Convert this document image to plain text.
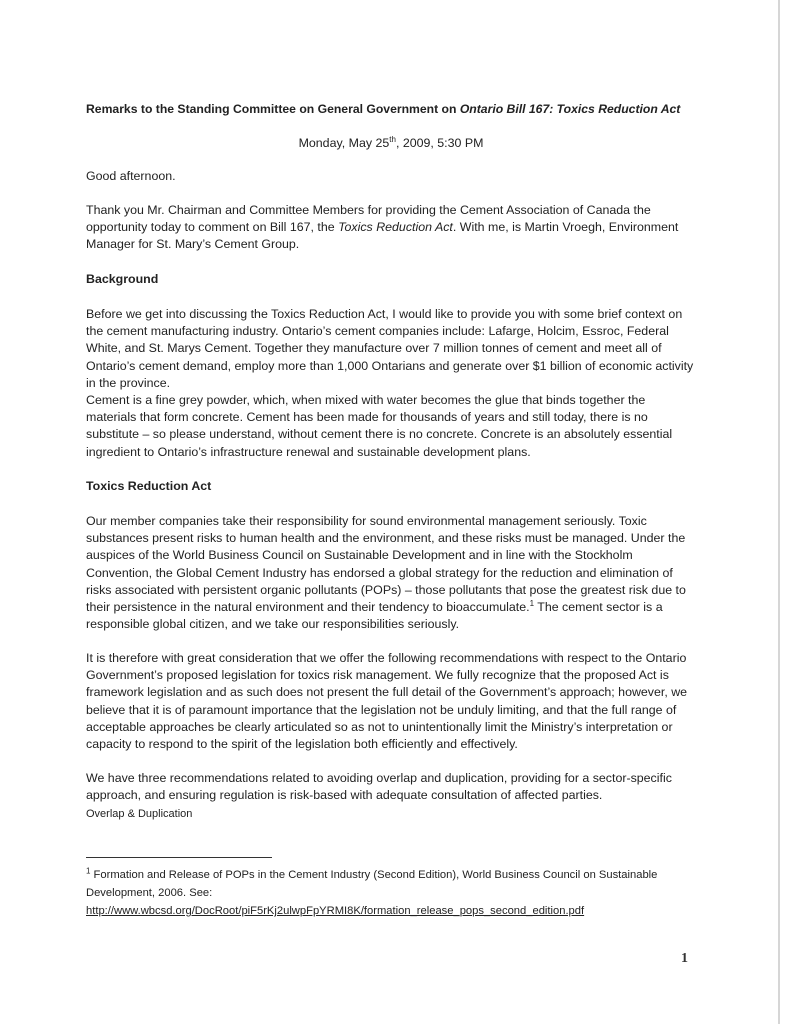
Remarks to the Standing Committee on General Government on Ontario Bill 167: Toxics Reduction Act
Monday, May 25th, 2009, 5:30 PM
Good afternoon.
Thank you Mr. Chairman and Committee Members for providing the Cement Association of Canada the opportunity today to comment on Bill 167, the Toxics Reduction Act. With me, is Martin Vroegh, Environment Manager for St. Mary’s Cement Group.
Background
Before we get into discussing the Toxics Reduction Act, I would like to provide you with some brief context on the cement manufacturing industry. Ontario’s cement companies include: Lafarge, Holcim, Essroc, Federal White, and St. Marys Cement. Together they manufacture over 7 million tonnes of cement and meet all of Ontario’s cement demand, employ more than 1,000 Ontarians and generate over $1 billion of economic activity in the province.
Cement is a fine grey powder, which, when mixed with water becomes the glue that binds together the materials that form concrete. Cement has been made for thousands of years and still today, there is no substitute – so please understand, without cement there is no concrete. Concrete is an absolutely essential ingredient to Ontario’s infrastructure renewal and sustainable development plans.
Toxics Reduction Act
Our member companies take their responsibility for sound environmental management seriously. Toxic substances present risks to human health and the environment, and these risks must be managed. Under the auspices of the World Business Council on Sustainable Development and in line with the Stockholm Convention, the Global Cement Industry has endorsed a global strategy for the reduction and elimination of risks associated with persistent organic pollutants (POPs) – those pollutants that pose the greatest risk due to their persistence in the natural environment and their tendency to bioaccumulate.$^1$ The cement sector is a responsible global citizen, and we take our responsibilities seriously.
It is therefore with great consideration that we offer the following recommendations with respect to the Ontario Government’s proposed legislation for toxics risk management. We fully recognize that the proposed Act is framework legislation and as such does not present the full detail of the Government’s approach; however, we believe that it is of paramount importance that the legislation not be unduly limiting, and that the full range of acceptable approaches be clearly articulated so as not to unintentionally limit the Ministry’s interpretation or capacity to respond to the spirit of the legislation both efficiently and effectively.
We have three recommendations related to avoiding overlap and duplication, providing for a sector-specific approach, and ensuring regulation is risk-based with adequate consultation of affected parties.
Overlap & Duplication
$^1$ Formation and Release of POPs in the Cement Industry (Second Edition), World Business Council on Sustainable Development, 2006. See:
http://www.wbcsd.org/DocRoot/piF5rKj2ulwpFpYRMI8K/formation_release_pops_second_edition.pdf
1
